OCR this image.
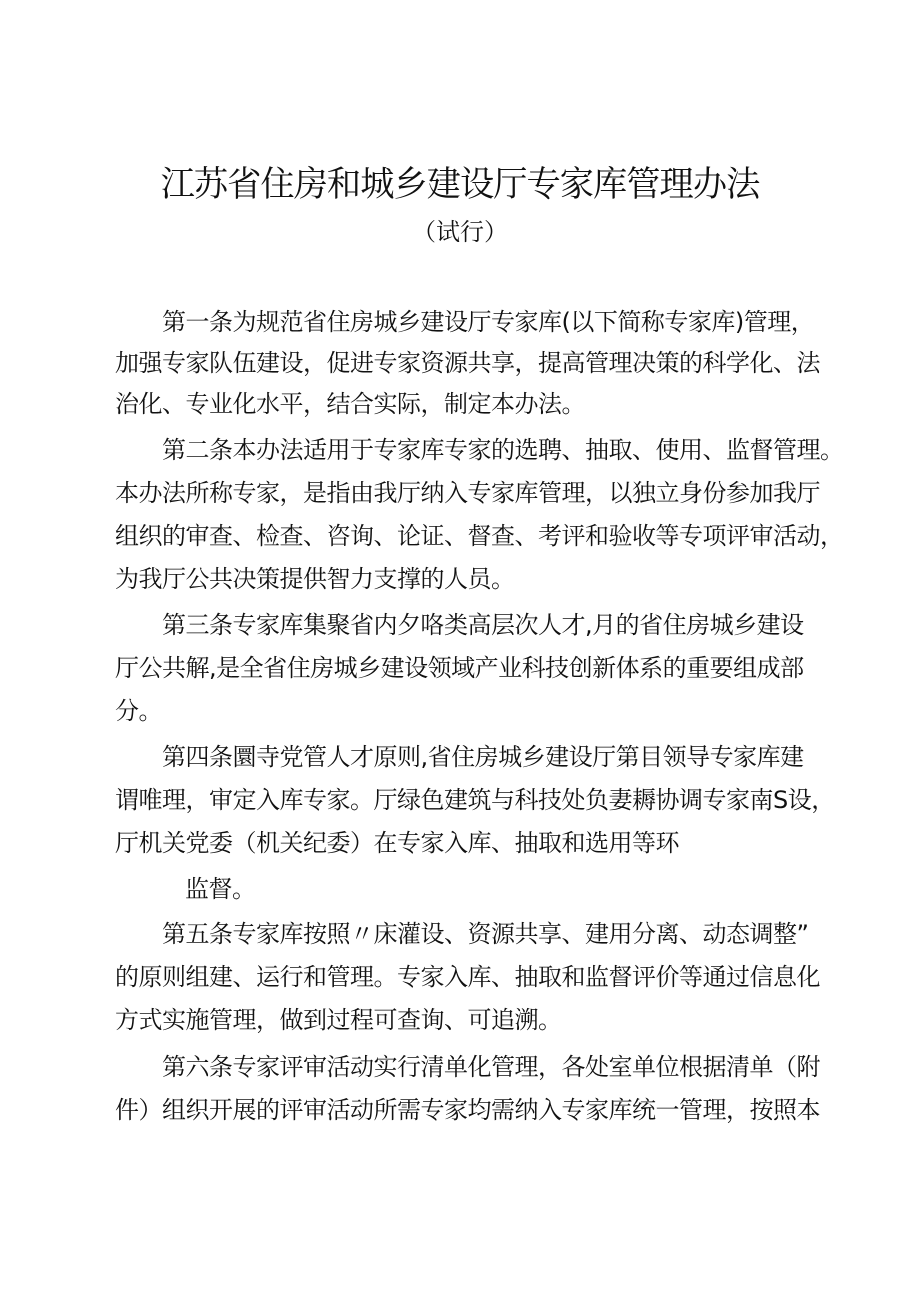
江苏省住房和城乡建设厅专家库管理办法
（试行）
第一条为规范省住房城乡建设厅专家库(以下简称专家库)管理，
加强专家队伍建设，促进专家资源共享，提高管理决策的科学化、法
治化、专业化水平，结合实际，制定本办法。
第二条本办法适用于专家库专家的选聘、抽取、使用、监督管理。
本办法所称专家，是指由我厅纳入专家库管理，以独立身份参加我厅
组织的审查、检查、咨询、论证、督查、考评和验收等专项评审活动，
为我厅公共决策提供智力支撑的人员。
第三条专家库集聚省内夕咯类高层次人才,月的省住房城乡建设
厅公共解,是全省住房城乡建设领域产业科技创新体系的重要组成部
分。
第四条圜寺党管人才原则,省住房城乡建设厅第目领导专家库建
谓唯理，审定入库专家。厅绿色建筑与科技处负妻耨协调专家南S设，
厅机关党委（机关纪委）在专家入库、抽取和选用等环
监督。
第五条专家库按照〃床灌设、资源共享、建用分离、动态调整”
的原则组建、运行和管理。专家入库、抽取和监督评价等通过信息化
方式实施管理，做到过程可查询、可追溯。
第六条专家评审活动实行清单化管理，各处室单位根据清单（附
件）组织开展的评审活动所需专家均需纳入专家库统一管理，按照本
